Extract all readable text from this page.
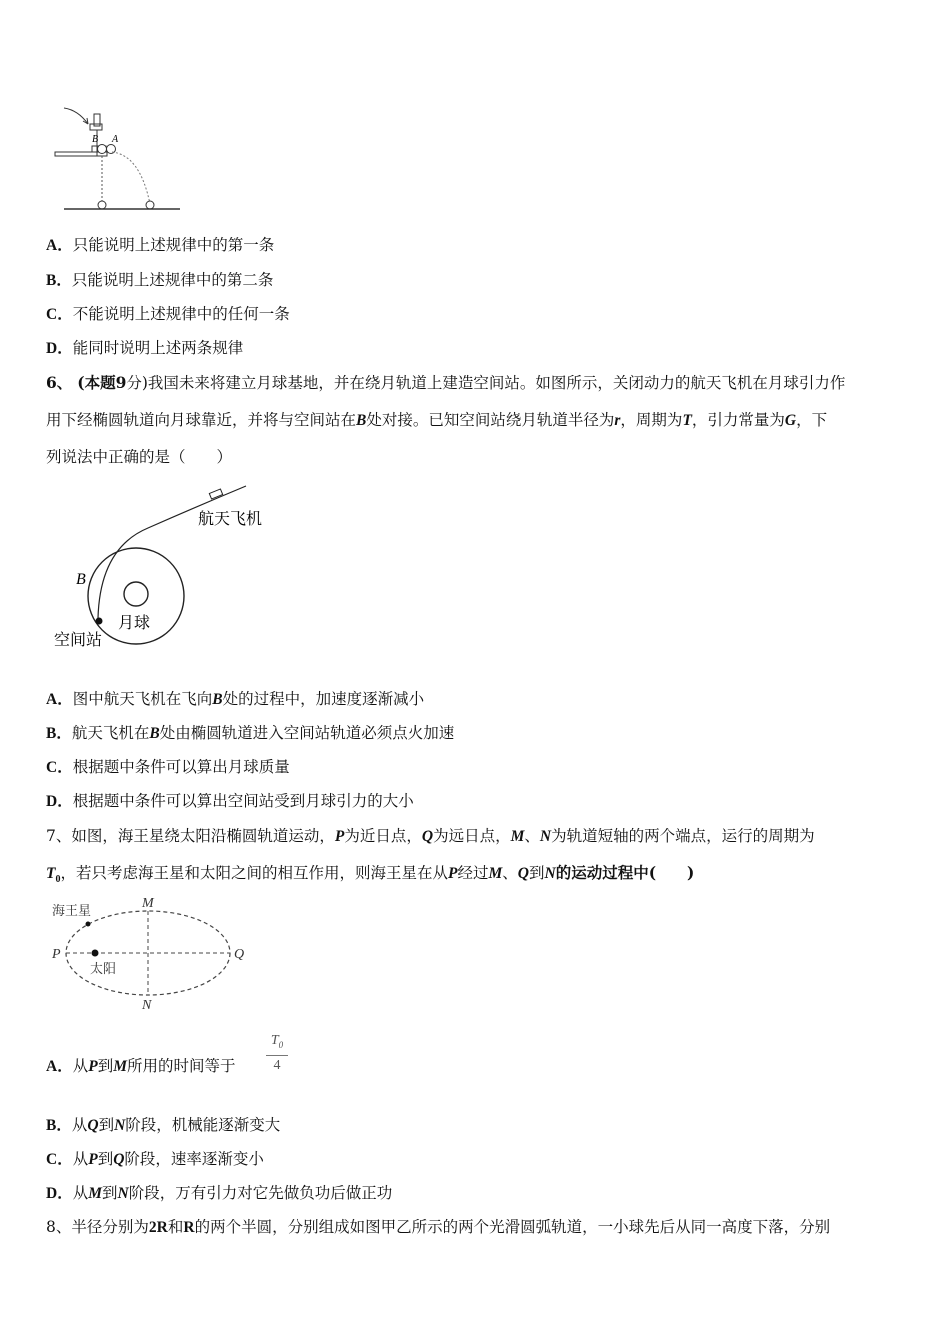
B A
A．只能说明上述规律中的第一条
B．只能说明上述规律中的第二条
C．不能说明上述规律中的任何一条
D．能同时说明上述两条规律
6、 (本题9分)我国未来将建立月球基地，并在绕月轨道上建造空间站。如图所示，关闭动力的航天飞机在月球引力作
用下经椭圆轨道向月球靠近，并将与空间站在B处对接。已知空间站绕月轨道半径为r，周期为T，引力常量为G，下
列说法中正确的是（　　）
航天飞机
B
月球
空间站
A．图中航天飞机在飞向B处的过程中，加速度逐渐减小
B．航天飞机在B处由椭圆轨道进入空间站轨道必须点火加速
C．根据题中条件可以算出月球质量
D．根据题中条件可以算出空间站受到月球引力的大小
7、如图，海王星绕太阳沿椭圆轨道运动，P为近日点，Q为远日点，M、N为轨道短轴的两个端点，运行的周期为
$T_0$，若只考虑海王星和太阳之间的相互作用，则海王星在从P经过M、Q到N的运动过程中(　　)
海王星
太阳
M
N
P	Q
A．从P到M所用的时间等于
$T_0$
4
B．从Q到N阶段，机械能逐渐变大
C．从P到Q阶段，速率逐渐变小
D．从M到N阶段，万有引力对它先做负功后做正功
8、半径分别为2R和R的两个半圆，分别组成如图甲乙所示的两个光滑圆弧轨道，一小球先后从同一高度下落，分别
